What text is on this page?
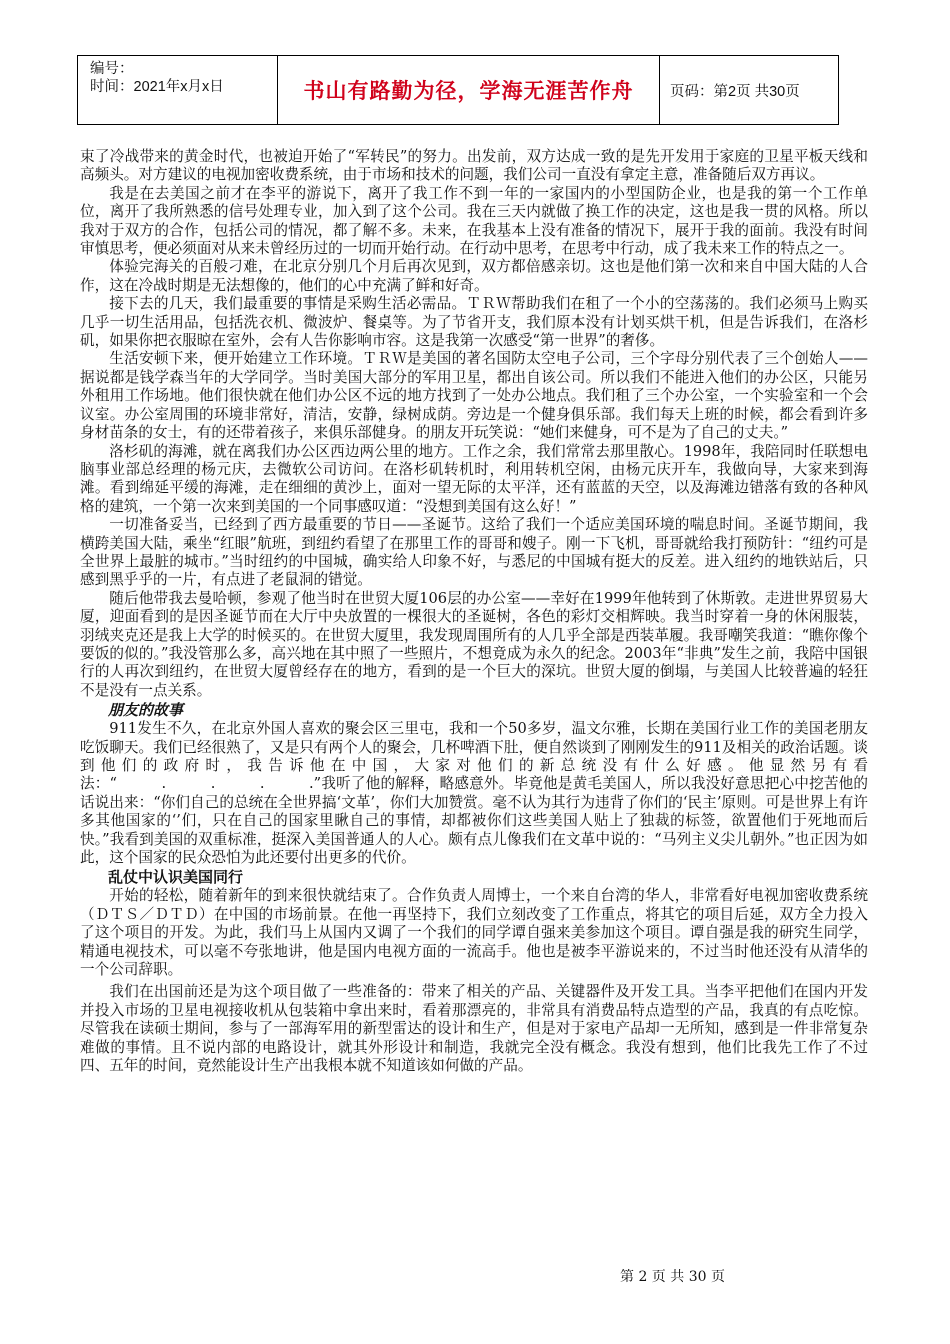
编号：
时间：2021年x月x日	书山有路勤为径，学海无涯苦作舟	页码：第2页 共30页

束了冷战带来的黄金时代，也被迫开始了“军转民”的努力。出发前，双方达成一致的是先开发用于家庭的卫星平板天线和高频头。对方建议的电视加密收费系统，由于市场和技术的问题，我们公司一直没有拿定主意，准备随后双方再议。

我是在去美国之前才在李平的游说下，离开了我工作不到一年的一家国内的小型国防企业，也是我的第一个工作单位，离开了我所熟悉的信号处理专业，加入到了这个公司。我在三天内就做了换工作的决定，这也是我一贯的风格。所以我对于双方的合作，包括公司的情况，都了解不多。未来，在我基本上没有准备的情况下，展开于我的面前。我没有时间审慎思考，便必须面对从来未曾经历过的一切而开始行动。在行动中思考，在思考中行动，成了我未来工作的特点之一。

体验完海关的百般刁难，在北京分别几个月后再次见到，双方都倍感亲切。这也是他们第一次和来自中国大陆的人合作，这在冷战时期是无法想像的，他们的心中充满了鲜和好奇。

接下去的几天，我们最重要的事情是采购生活必需品。ＴＲＷ帮助我们在租了一个小的空荡荡的。我们必须马上购买几乎一切生活用品，包括洗衣机、微波炉、餐桌等。为了节省开支，我们原本没有计划买烘干机，但是告诉我们，在洛杉矶，如果你把衣服晾在室外，会有人告你影响市容。这是我第一次感受“第一世界”的奢侈。

生活安顿下来，便开始建立工作环境。ＴＲＷ是美国的著名国防太空电子公司，三个字母分别代表了三个创始人——据说都是钱学森当年的大学同学。当时美国大部分的军用卫星，都出自该公司。所以我们不能进入他们的办公区，只能另外租用工作场地。他们很快就在他们办公区不远的地方找到了一处办公地点。我们租了三个办公室，一个实验室和一个会议室。办公室周围的环境非常好，清洁，安静，绿树成荫。旁边是一个健身俱乐部。我们每天上班的时候，都会看到许多身材苗条的女士，有的还带着孩子，来俱乐部健身。的朋友开玩笑说：“她们来健身，可不是为了自己的丈夫。”

洛杉矶的海滩，就在离我们办公区西边两公里的地方。工作之余，我们常常去那里散心。1998年，我陪同时任联想电脑事业部总经理的杨元庆，去微软公司访问。在洛杉矶转机时，利用转机空闲，由杨元庆开车，我做向导，大家来到海滩。看到绵延平缓的海滩，走在细细的黄沙上，面对一望无际的太平洋，还有蓝蓝的天空，以及海滩边错落有致的各种风格的建筑，一个第一次来到美国的一个同事感叹道：“没想到美国有这么好！”

一切准备妥当，已经到了西方最重要的节日——圣诞节。这给了我们一个适应美国环境的喘息时间。圣诞节期间，我横跨美国大陆，乘坐“红眼”航班，到纽约看望了在那里工作的哥哥和嫂子。刚一下飞机，哥哥就给我打预防针：“纽约可是全世界上最脏的城市。”当时纽约的中国城，确实给人印象不好，与悉尼的中国城有挺大的反差。进入纽约的地铁站后，只感到黑乎乎的一片，有点进了老鼠洞的错觉。

随后他带我去曼哈顿，参观了他当时在世贸大厦106层的办公室——幸好在1999年他转到了休斯敦。走进世界贸易大厦，迎面看到的是因圣诞节而在大厅中央放置的一棵很大的圣诞树，各色的彩灯交相辉映。我当时穿着一身的休闲服装，羽绒夹克还是我上大学的时候买的。在世贸大厦里，我发现周围所有的人几乎全部是西装革履。我哥嘲笑我道：“瞧你像个要饭的似的。”我没管那么多，高兴地在其中照了一些照片，不想竟成为永久的纪念。2003年“非典”发生之前，我陪中国银行的人再次到纽约，在世贸大厦曾经存在的地方，看到的是一个巨大的深坑。世贸大厦的倒塌，与美国人比较普遍的轻狂不是没有一点关系。

朋友的故事

911发生不久，在北京外国人喜欢的聚会区三里屯，我和一个50多岁，温文尔雅，长期在美国行业工作的美国老朋友吃饭聊天。我们已经很熟了，又是只有两个人的聚会，几杯啤酒下肚，便自然谈到了刚刚发生的911及相关的政治话题。谈到他们的政府时，我告诉他在中国，大家对他们的新总统没有什么好感。他显然另有看法：“　　　.　　　.　　　.　　　.”我听了他的解释，略感意外。毕竟他是黄毛美国人，所以我没好意思把心中挖苦他的话说出来：“你们自己的总统在全世界搞‘文革’，你们大加赞赏。毫不认为其行为违背了你们的‘民主’原则。可是世界上有许多其他国家的‘’们，只在自己的国家里瞅自己的事情，却都被你们这些美国人贴上了独裁的标签，欲置他们于死地而后快。”我看到美国的双重标准，挺深入美国普通人的人心。颇有点儿像我们在文革中说的：“马列主义尖儿朝外。”也正因为如此，这个国家的民众恐怕为此还要付出更多的代价。

乱仗中认识美国同行

开始的轻松，随着新年的到来很快就结束了。合作负责人周博士，一个来自台湾的华人，非常看好电视加密收费系统（ＤＴＳ／ＤＴＤ）在中国的市场前景。在他一再坚持下，我们立刻改变了工作重点，将其它的项目后延，双方全力投入了这个项目的开发。为此，我们马上从国内又调了一个我们的同学谭自强来美参加这个项目。谭自强是我的研究生同学，精通电视技术，可以毫不夸张地讲，他是国内电视方面的一流高手。他也是被李平游说来的，不过当时他还没有从清华的一个公司辞职。

我们在出国前还是为这个项目做了一些准备的：带来了相关的产品、关键器件及开发工具。当李平把他们在国内开发并投入市场的卫星电视接收机从包装箱中拿出来时，看着那漂亮的，非常具有消费品特点造型的产品，我真的有点吃惊。尽管我在读硕士期间，参与了一部海军用的新型雷达的设计和生产，但是对于家电产品却一无所知，感到是一件非常复杂难做的事情。且不说内部的电路设计，就其外形设计和制造，我就完全没有概念。我没有想到，他们比我先工作了不过四、五年的时间，竟然能设计生产出我根本就不知道该如何做的产品。

第 2 页 共 30 页
